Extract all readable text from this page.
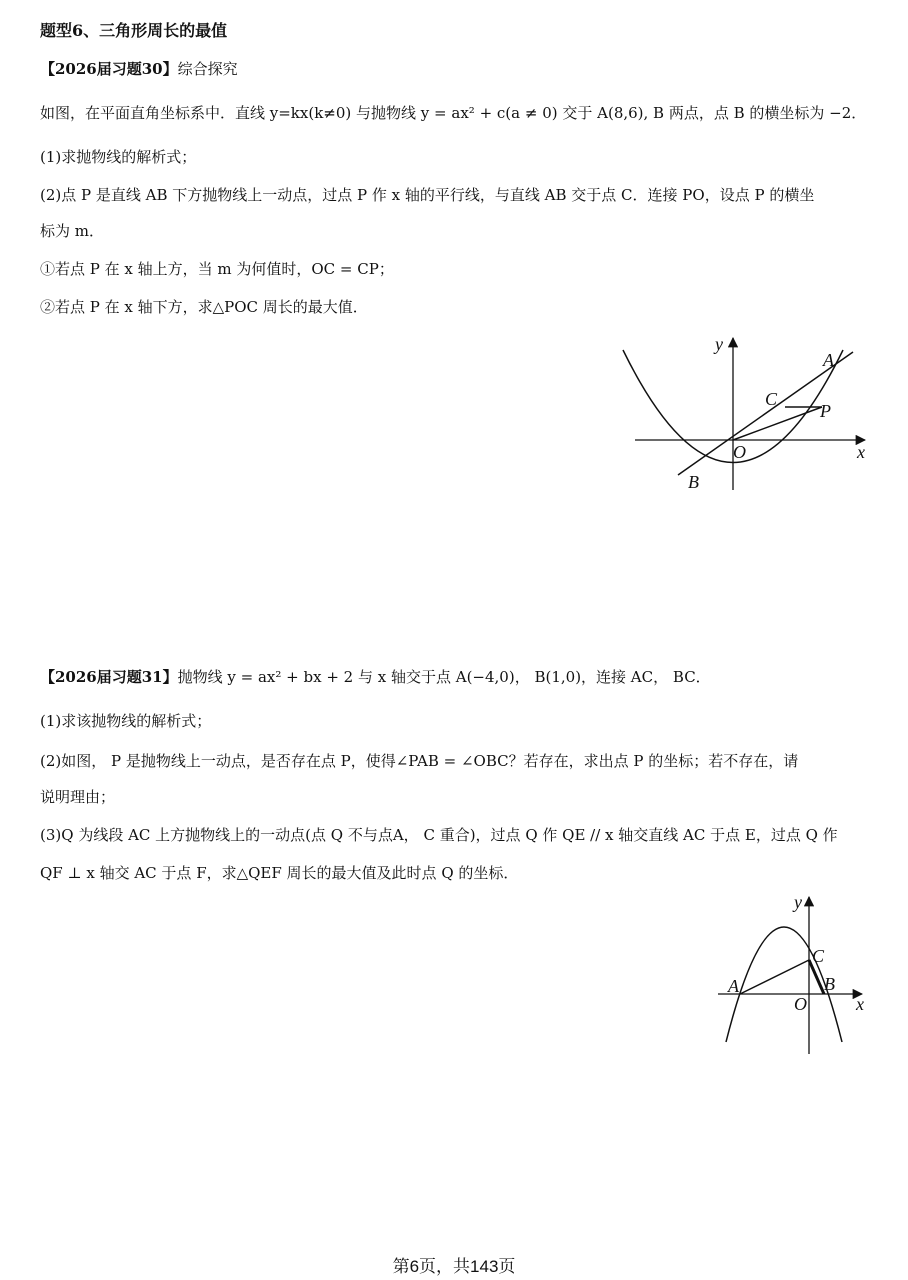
题型6、三角形周长的最值
【2026届习题30】综合探究
如图，在平面直角坐标系中．直线 y=kx(k≠0) 与抛物线 y = ax² + c(a ≠ 0) 交于 A(8,6), B 两点，点 B 的横坐标为 −2．
(1)求抛物线的解析式；
(2)点 P 是直线 AB 下方抛物线上一动点，过点 P 作 x 轴的平行线，与直线 AB 交于点 C．连接 PO，设点 P 的横坐
标为 m．
①若点 P 在 x 轴上方，当 m 为何值时，OC = CP；
②若点 P 在 x 轴下方，求△POC 周长的最大值．
y
x
O
A
B
C
P
【2026届习题31】抛物线 y = ax² + bx + 2 与 x 轴交于点 A(−4,0)， B(1,0)，连接 AC， BC．
(1)求该抛物线的解析式；
(2)如图， P 是抛物线上一动点，是否存在点 P，使得∠PAB = ∠OBC？若存在，求出点 P 的坐标；若不存在，请
说明理由；
(3)Q 为线段 AC 上方抛物线上的一动点(点 Q 不与点A， C 重合)，过点 Q 作 QE // x 轴交直线 AC 于点 E，过点 Q 作
QF ⊥ x 轴交 AC 于点 F，求△QEF 周长的最大值及此时点 Q 的坐标．
y
x
O
A	B
C
第6页，共143页
